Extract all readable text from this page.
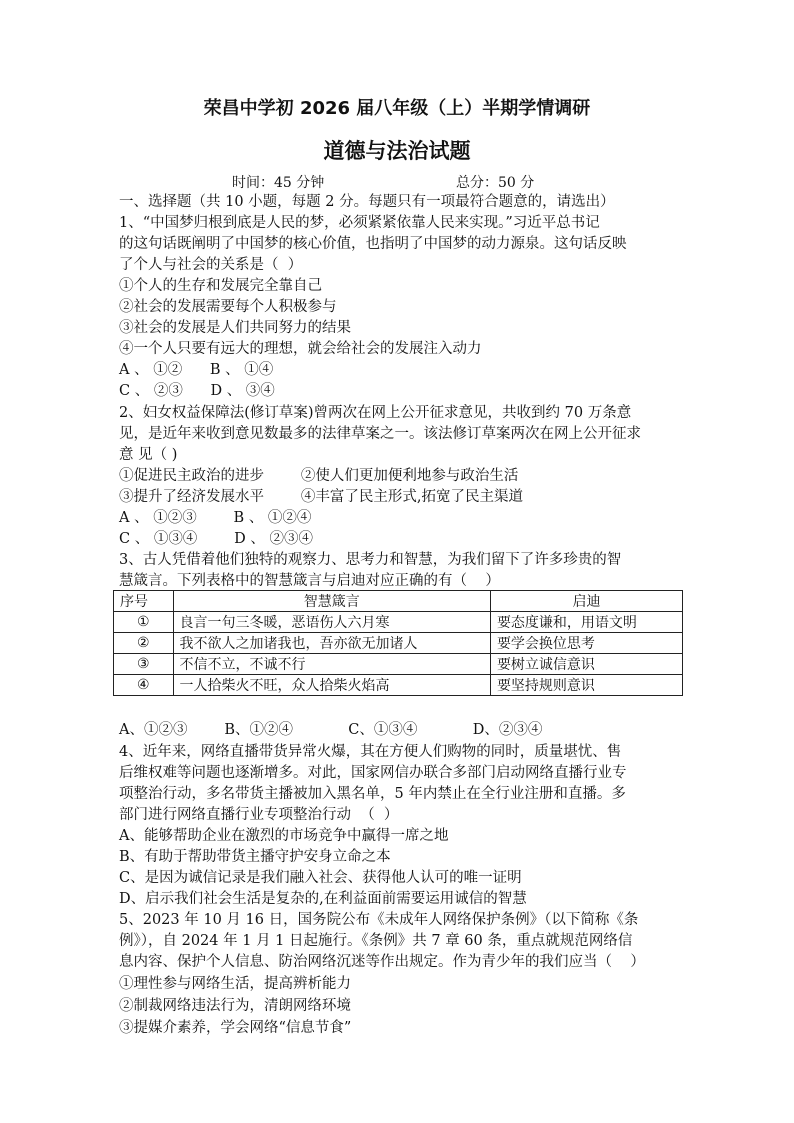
荣昌中学初 2026 届八年级（上）半期学情调研
道德与法治试题
时间：45 分钟	总分：50 分
一、选择题（共 10 小题，每题 2 分。每题只有一项最符合题意的，请选出）
1、“中国梦归根到底是人民的梦，必须紧紧依靠人民来实现。”习近平总书记
的这句话既阐明了中国梦的核心价值，也指明了中国梦的动力源泉。这句话反映
了个人与社会的关系是（  ）
①个人的生存和发展完全靠自己
②社会的发展需要每个人积极参与
③社会的发展是人们共同努力的结果
④一个人只要有远大的理想，就会给社会的发展注入动力
A 、 ①②      B 、 ①④
C 、 ②③      D 、 ③④
2、妇女权益保障法(修订草案)曾两次在网上公开征求意见，共收到约 70 万条意
见，是近年来收到意见数最多的法律草案之一。该法修订草案两次在网上公开征求
意 见（ )
①促进民主政治的进步        ②使人们更加便利地参与政治生活
③提升了经济发展水平        ④丰富了民主形式,拓宽了民主渠道
A 、 ①②③        B 、 ①②④
C 、 ①③④        D 、 ②③④
3、古人凭借着他们独特的观察力、思考力和智慧，为我们留下了许多珍贵的智
慧箴言。下列表格中的智慧箴言与启迪对应正确的有（    ）
序号	智慧箴言	启迪
①	良言一句三冬暖，恶语伤人六月寒	要态度谦和，用语文明
②	我不欲人之加诸我也，吾亦欲无加诸人	要学会换位思考
③	不信不立，不诚不行	要树立诚信意识
④	一人拾柴火不旺，众人拾柴火焰高	要坚持规则意识
A、①②③        B、①②④            C、①③④            D、②③④
4、近年来，网络直播带货异常火爆，其在方便人们购物的同时，质量堪忧、售
后维权难等问题也逐渐增多。对此，国家网信办联合多部门启动网络直播行业专
项整治行动，多名带货主播被加入黑名单，5 年内禁止在全行业注册和直播。多
部门进行网络直播行业专项整治行动  （  ）
A、能够帮助企业在激烈的市场竞争中赢得一席之地
B、有助于帮助带货主播守护安身立命之本
C、是因为诚信记录是我们融入社会、获得他人认可的唯一证明
D、启示我们社会生活是复杂的,在利益面前需要运用诚信的智慧
5、2023 年 10 月 16 日，国务院公布《未成年人网络保护条例》（以下简称《条
例》），自 2024 年 1 月 1 日起施行。《条例》共 7 章 60 条，重点就规范网络信
息内容、保护个人信息、防治网络沉迷等作出规定。作为青少年的我们应当（    ）
①理性参与网络生活，提高辨析能力
②制裁网络违法行为，清朗网络环境
③提媒介素养，学会网络“信息节食”
